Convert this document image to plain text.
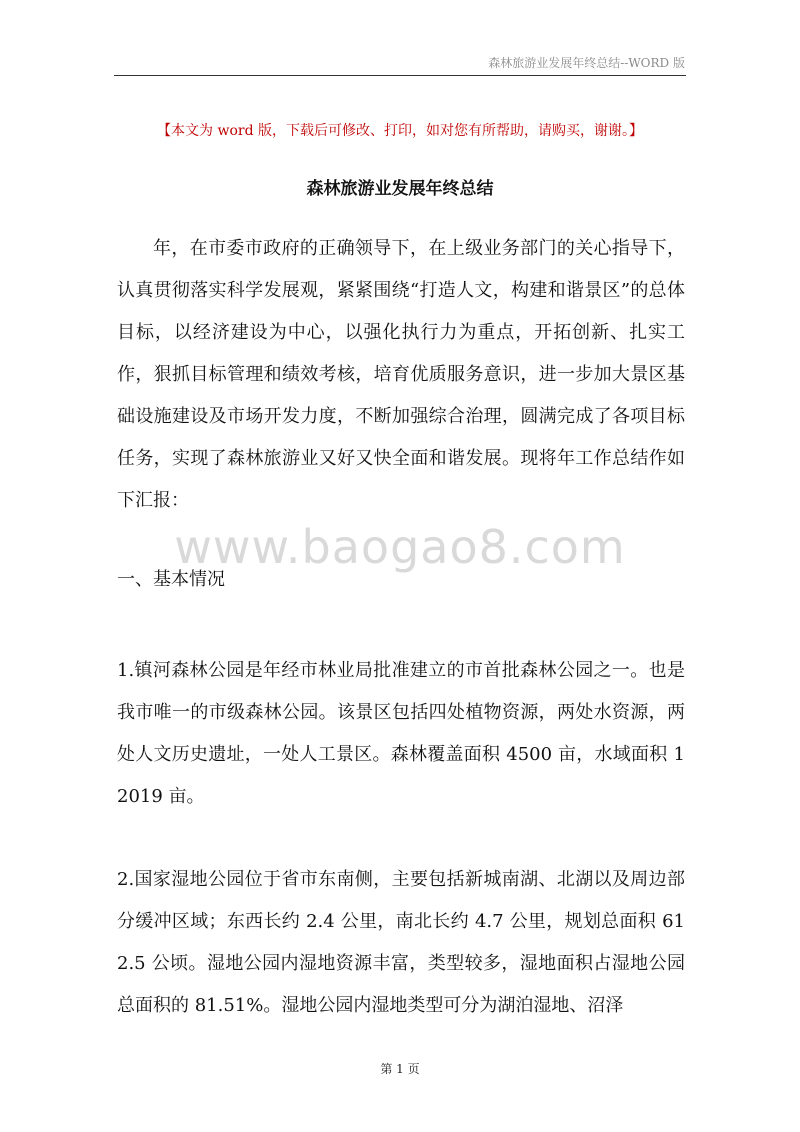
森林旅游业发展年终总结--WORD 版
【本文为 word 版，下载后可修改、打印，如对您有所帮助，请购买，谢谢。】
森林旅游业发展年终总结
年，在市委市政府的正确领导下，在上级业务部门的关心指导下，认真贯彻落实科学发展观，紧紧围绕“打造人文，构建和谐景区”的总体目标，以经济建设为中心，以强化执行力为重点，开拓创新、扎实工作，狠抓目标管理和绩效考核，培育优质服务意识，进一步加大景区基础设施建设及市场开发力度，不断加强综合治理，圆满完成了各项目标任务，实现了森林旅游业又好又快全面和谐发展。现将年工作总结作如下汇报：
www.baogao8.com
一、基本情况
1.镇河森林公园是年经市林业局批准建立的市首批森林公园之一。也是我市唯一的市级森林公园。该景区包括四处植物资源，两处水资源，两处人文历史遗址，一处人工景区。森林覆盖面积 4500 亩，水域面积 12019 亩。
2.国家湿地公园位于省市东南侧，主要包括新城南湖、北湖以及周边部分缓冲区域；东西长约 2.4 公里，南北长约 4.7 公里，规划总面积 612.5 公顷。湿地公园内湿地资源丰富，类型较多，湿地面积占湿地公园总面积的 81.51%。湿地公园内湿地类型可分为湖泊湿地、沼泽
第 1 页
